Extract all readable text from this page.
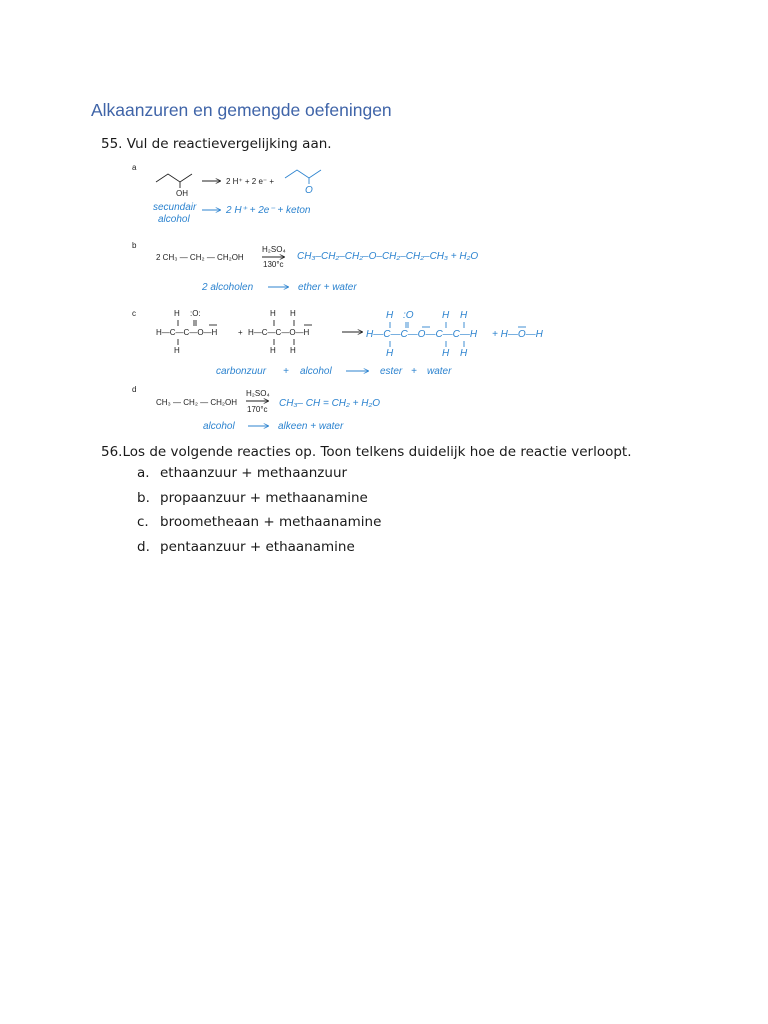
Alkaanzuren en gemengde oefeningen
55. Vul de reactievergelijking aan.
a
OH
2 H⁺ + 2 e⁻ +
O
secundair	2 H⁺ + 2e⁻ + keton
alcohol
b
2 CH₃ — CH₂ — CH₂OH
H₂SO₄
130°c
CH₃–CH₂–CH₂–O–CH₂–CH₂–CH₃ + H₂O
2 alcoholen	ether + water
c	H :O:
H—C—C—O—H
H
+
H H
H—C—C—O—H
H H
H :O	H H
H—C—C—O—C—C—H
H	H H
+ H—O—H
carbonzuur + alcohol	ester + water
d
CH₃ — CH₂ — CH₂OH
H₂SO₄
170°c
CH₃– CH = CH₂ + H₂O
alcohol	alkeen + water
56.Los de volgende reacties op. Toon telkens duidelijk hoe de reactie verloopt.
a. ethaanzuur + methaanzuur
b. propaanzuur + methaanamine
c. broometheaan + methaanamine
d. pentaanzuur + ethaanamine
